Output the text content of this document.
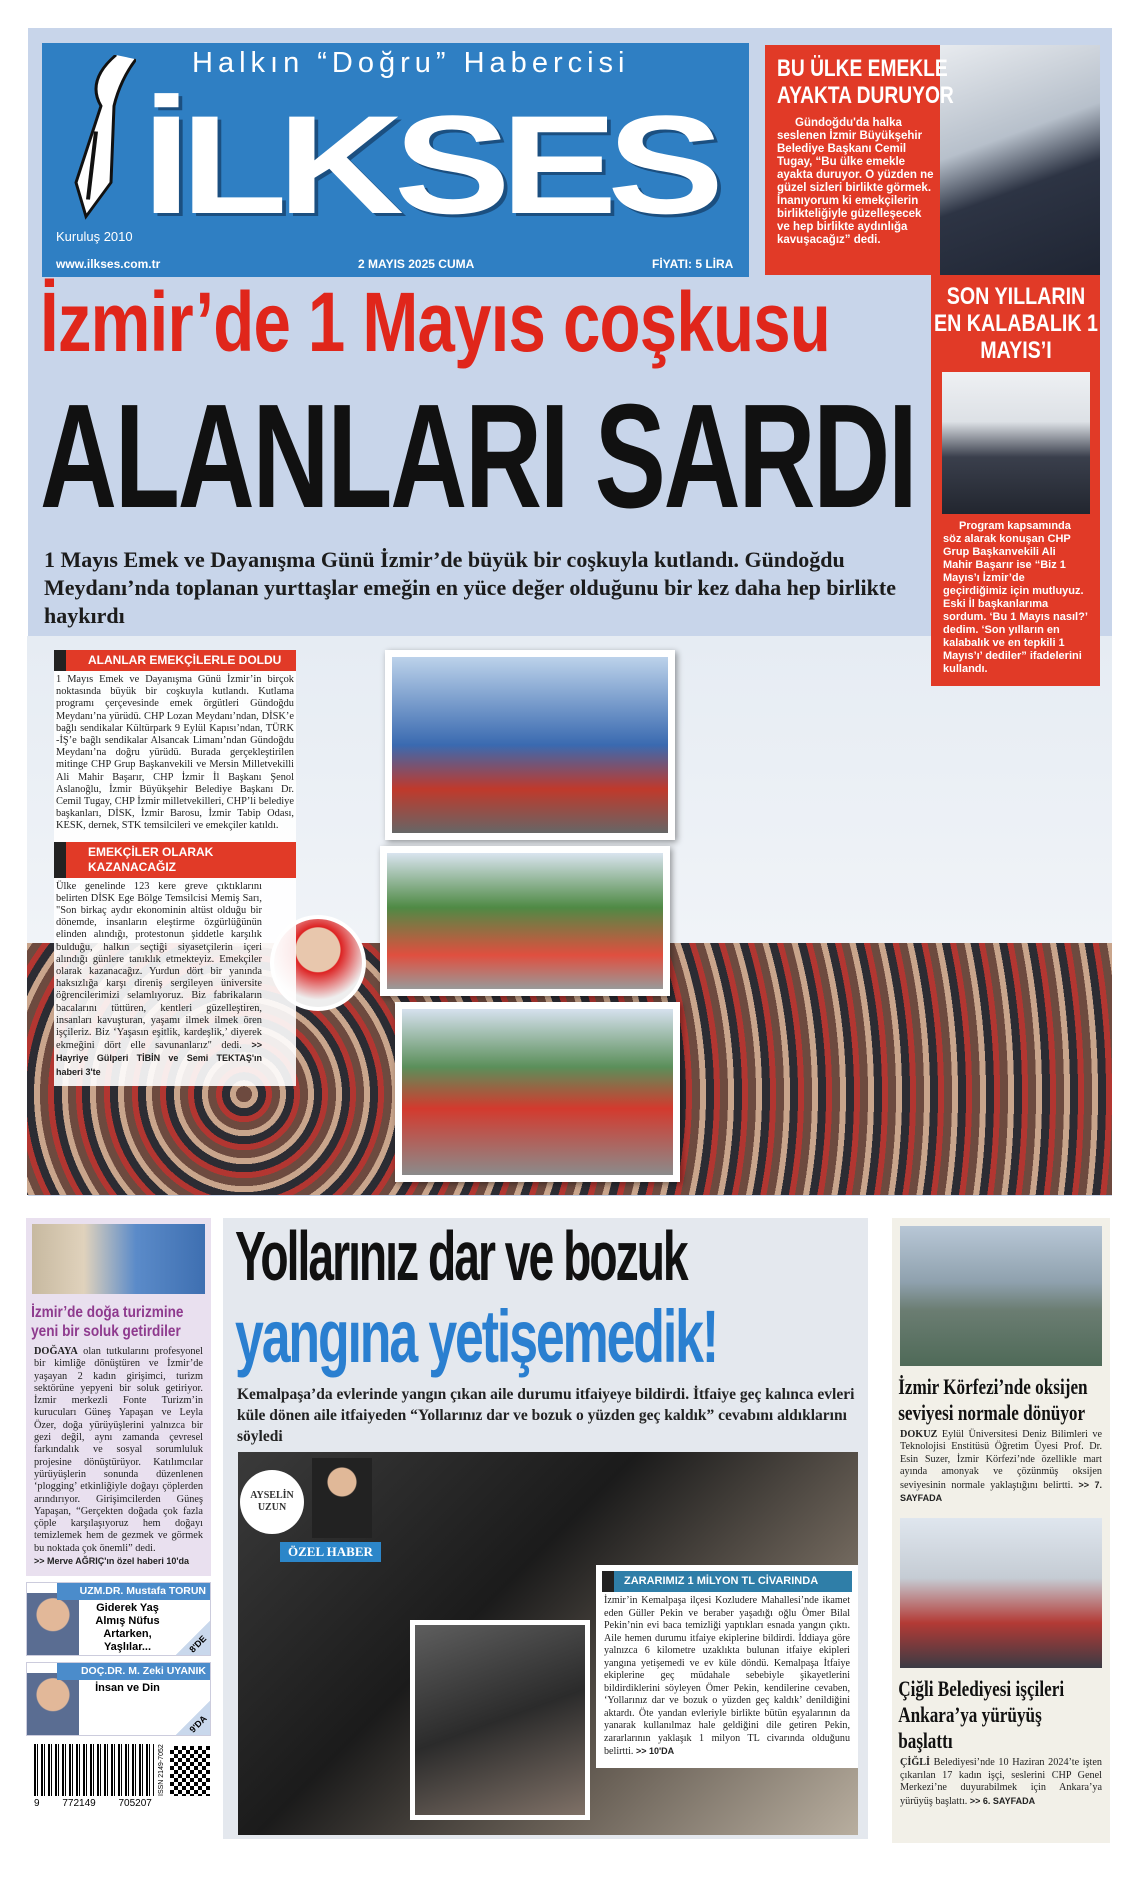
Halkın “Doğru” Habercisi
İLKSES
Kuruluş 2010
www.ilkses.com.tr	2 MAYIS 2025 CUMA	FİYATI: 5 LİRA
BU ÜLKE EMEKLE AYAKTA DURUYOR

Gündoğdu'da halka seslenen İzmir Büyükşehir Belediye Başkanı Cemil Tugay, “Bu ülke emekle ayakta duruyor. O yüzden ne güzel sizleri birlikte görmek. İnanıyorum ki emekçilerin birlikteliğiyle güzelleşecek ve hep birlikte aydınlığa kavuşacağız” dedi.

İzmir’de 1 Mayıs coşkusu
ALANLARI SARDI
1 Mayıs Emek ve Dayanışma Günü İzmir’de büyük bir coşkuyla kutlandı. Gündoğdu Meydanı’nda toplanan yurttaşlar emeğin en yüce değer olduğunu bir kez daha hep birlikte haykırdı
ALANLAR EMEKÇİLERLE DOLDU
1 Mayıs Emek ve Dayanışma Günü İzmir’in birçok noktasında büyük bir coşkuyla kutlandı. Kutlama programı çerçevesinde emek örgütleri Gündoğdu Meydanı’na yürüdü. CHP Lozan Meydanı’ndan, DİSK’e bağlı sendikalar Kültürpark 9 Eylül Kapısı’ndan, TÜRK -İŞ’e bağlı sendikalar Alsancak Limanı’ndan Gündoğdu Meydanı’na doğru yürüdü. Burada gerçekleştirilen mitinge CHP Grup Başkanvekili ve Mersin Milletvekilli Ali Mahir Başarır, CHP İzmir İl Başkanı Şenol Aslanoğlu, İzmir Büyükşehir Belediye Başkanı Dr. Cemil Tugay, CHP İzmir milletvekilleri, CHP’li belediye başkanları, DİSK, İzmir Barosu, İzmir Tabip Odası, KESK, dernek, STK temsilcileri ve emekçiler katıldı.
EMEKÇİLER OLARAK KAZANACAĞIZ
Ülke genelinde 123 kere greve çıktıklarını belirten DİSK Ege Bölge Temsilcisi Memiş Sarı, "Son birkaç aydır ekonominin altüst olduğu bir dönemde, insanların eleştirme özgürlüğünün elinden alındığı, protestonun şiddetle karşılık bulduğu, halkın seçtiği siyasetçilerin içeri alındığı günlere tanıklık etmekteyiz. Emekçiler olarak kazanacağız. Yurdun dört bir yanında haksızlığa karşı direniş sergileyen üniversite öğrencilerimizi selamlıyoruz. Biz fabrikaların bacalarını tüttüren, kentleri güzelleştiren, insanları kavuşturan, yaşamı ilmek ilmek ören işçileriz. Biz ‘Yaşasın eşitlik, kardeşlik,’ diyerek ekmeğini dört elle savunanlarız" dedi. >> Hayriye Gülperi TİBİN ve Semi TEKTAŞ'ın haberi 3'te
SON YILLARIN EN KALABALIK 1 MAYIS’I

Program kapsamında söz alarak konuşan CHP Grup Başkanvekili Ali Mahir Başarır ise “Biz 1 Mayıs’ı İzmir’de geçirdiğimiz için mutluyuz. Eski İl başkanlarıma sordum. ‘Bu 1 Mayıs nasıl?’ dedim. ‘Son yılların en kalabalık ve en tepkili 1 Mayıs’ı’ dediler” ifadelerini kullandı.

İzmir’de doğa turizmine yeni bir soluk getirdiler
DOĞAYA olan tutkularını profesyonel bir kimliğe dönüştüren ve İzmir’de yaşayan 2 kadın girişimci, turizm sektörüne yepyeni bir soluk getiriyor. İzmir merkezli Fonte Turizm’in kurucuları Güneş Yapaşan ve Leyla Özer, doğa yürüyüşlerini yalnızca bir gezi değil, aynı zamanda çevresel farkındalık ve sosyal sorumluluk projesine dönüştürüyor. Katılımcılar yürüyüşlerin sonunda düzenlenen ‘plogging’ etkinliğiyle doğayı çöplerden arındırıyor. Girişimcilerden Güneş Yapaşan, “Gerçekten doğada çok fazla çöple karşılaşıyoruz hem doğayı temizlemek hem de gezmek ve görmek bu noktada çok önemli” dedi.
>> Merve AĞRIÇ'ın özel haberi 10'da
UZM.DR. Mustafa TORUN
Giderek Yaş Almış Nüfus Artarken, Yaşlılar...	8'DE
DOÇ.DR. M. Zeki UYANIK
İnsan ve Din
9'DA
9 772149 705207
ISSN 2149-7052
Yollarınız dar ve bozuk
yangına yetişemedik!
Kemalpaşa’da evlerinde yangın çıkan aile durumu itfaiyeye bildirdi. İtfaiye geç kalınca evleri küle dönen aile itfaiyeden “Yollarınız dar ve bozuk o yüzden geç kaldık” cevabını aldıklarını söyledi
AYSELİN UZUN
ÖZEL HABER
ZARARIMIZ 1 MİLYON TL CİVARINDA
İzmir’in Kemalpaşa ilçesi Kozludere Mahallesi’nde ikamet eden Güller Pekin ve beraber yaşadığı oğlu Ömer Bilal Pekin’nin evi baca temizliği yaptıkları esnada yangın çıktı. Aile hemen durumu itfaiye ekiplerine bildirdi. İddiaya göre yalnızca 6 kilometre uzaklıkta bulunan itfaiye ekipleri yangına yetişemedi ve ev küle döndü. Kemalpaşa İtfaiye ekiplerine geç müdahale sebebiyle şikayetlerini bildirdiklerini söyleyen Ömer Pekin, kendilerine cevaben, ‘Yollarınız dar ve bozuk o yüzden geç kaldık’ denildiğini aktardı. Öte yandan evleriyle birlikte bütün eşyalarının da yanarak kullanılmaz hale geldiğini dile getiren Pekin, zararlarının yaklaşık 1 milyon TL civarında olduğunu belirtti. >> 10'DA
İzmir Körfezi’nde oksijen seviyesi normale dönüyor
DOKUZ Eylül Üniversitesi Deniz Bilimleri ve Teknolojisi Enstitüsü Öğretim Üyesi Prof. Dr. Esin Suzer, İzmir Körfezi’nde özellikle mart ayında amonyak ve çözünmüş oksijen seviyesinin normale yaklaştığını belirtti. >> 7. SAYFADA
Çiğli Belediyesi işçileri Ankara’ya yürüyüş başlattı
ÇİĞLİ Belediyesi’nde 10 Haziran 2024’te işten çıkarılan 17 kadın işçi, seslerini CHP Genel Merkezi’ne duyurabilmek için Ankara’ya yürüyüş başlattı. >> 6. SAYFADA
